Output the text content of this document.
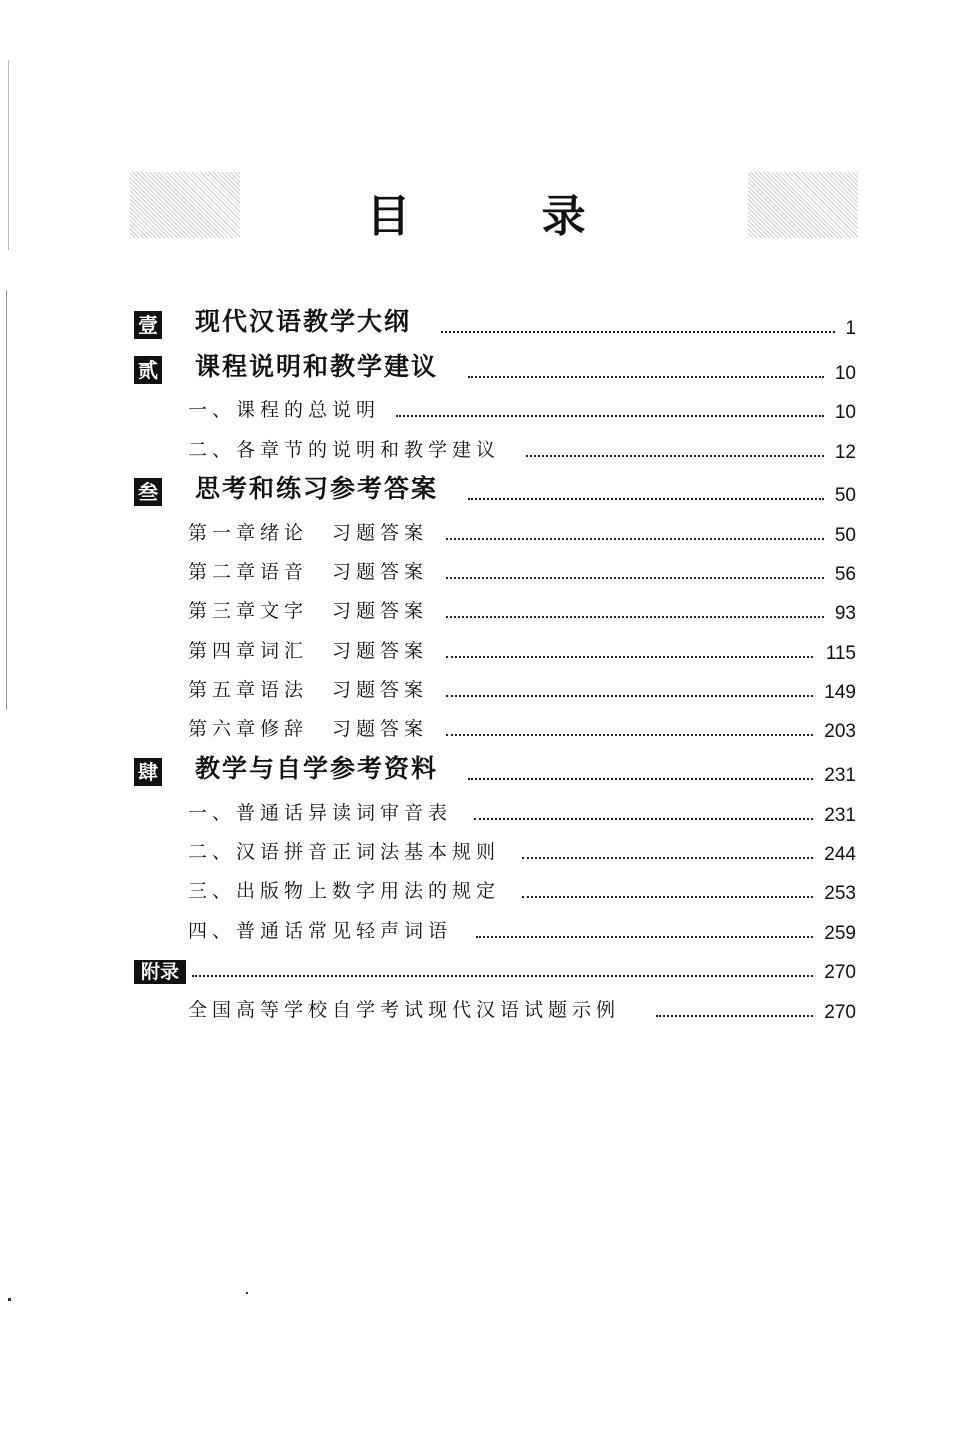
目 录
壹 现代汉语教学大纲	1
贰 课程说明和教学建议	10
一、课程的总说明	10
二、各章节的说明和教学建议	12
叁 思考和练习参考答案	50
第一章绪论　习题答案	50
第二章语音　习题答案	56
第三章文字　习题答案	93
第四章词汇　习题答案	115
第五章语法　习题答案	149
第六章修辞　习题答案	203
肆 教学与自学参考资料	231
一、普通话异读词审音表	231
二、汉语拼音正词法基本规则	244
三、出版物上数字用法的规定	253
四、普通话常见轻声词语	259
附录	270
全国高等学校自学考试现代汉语试题示例	270
